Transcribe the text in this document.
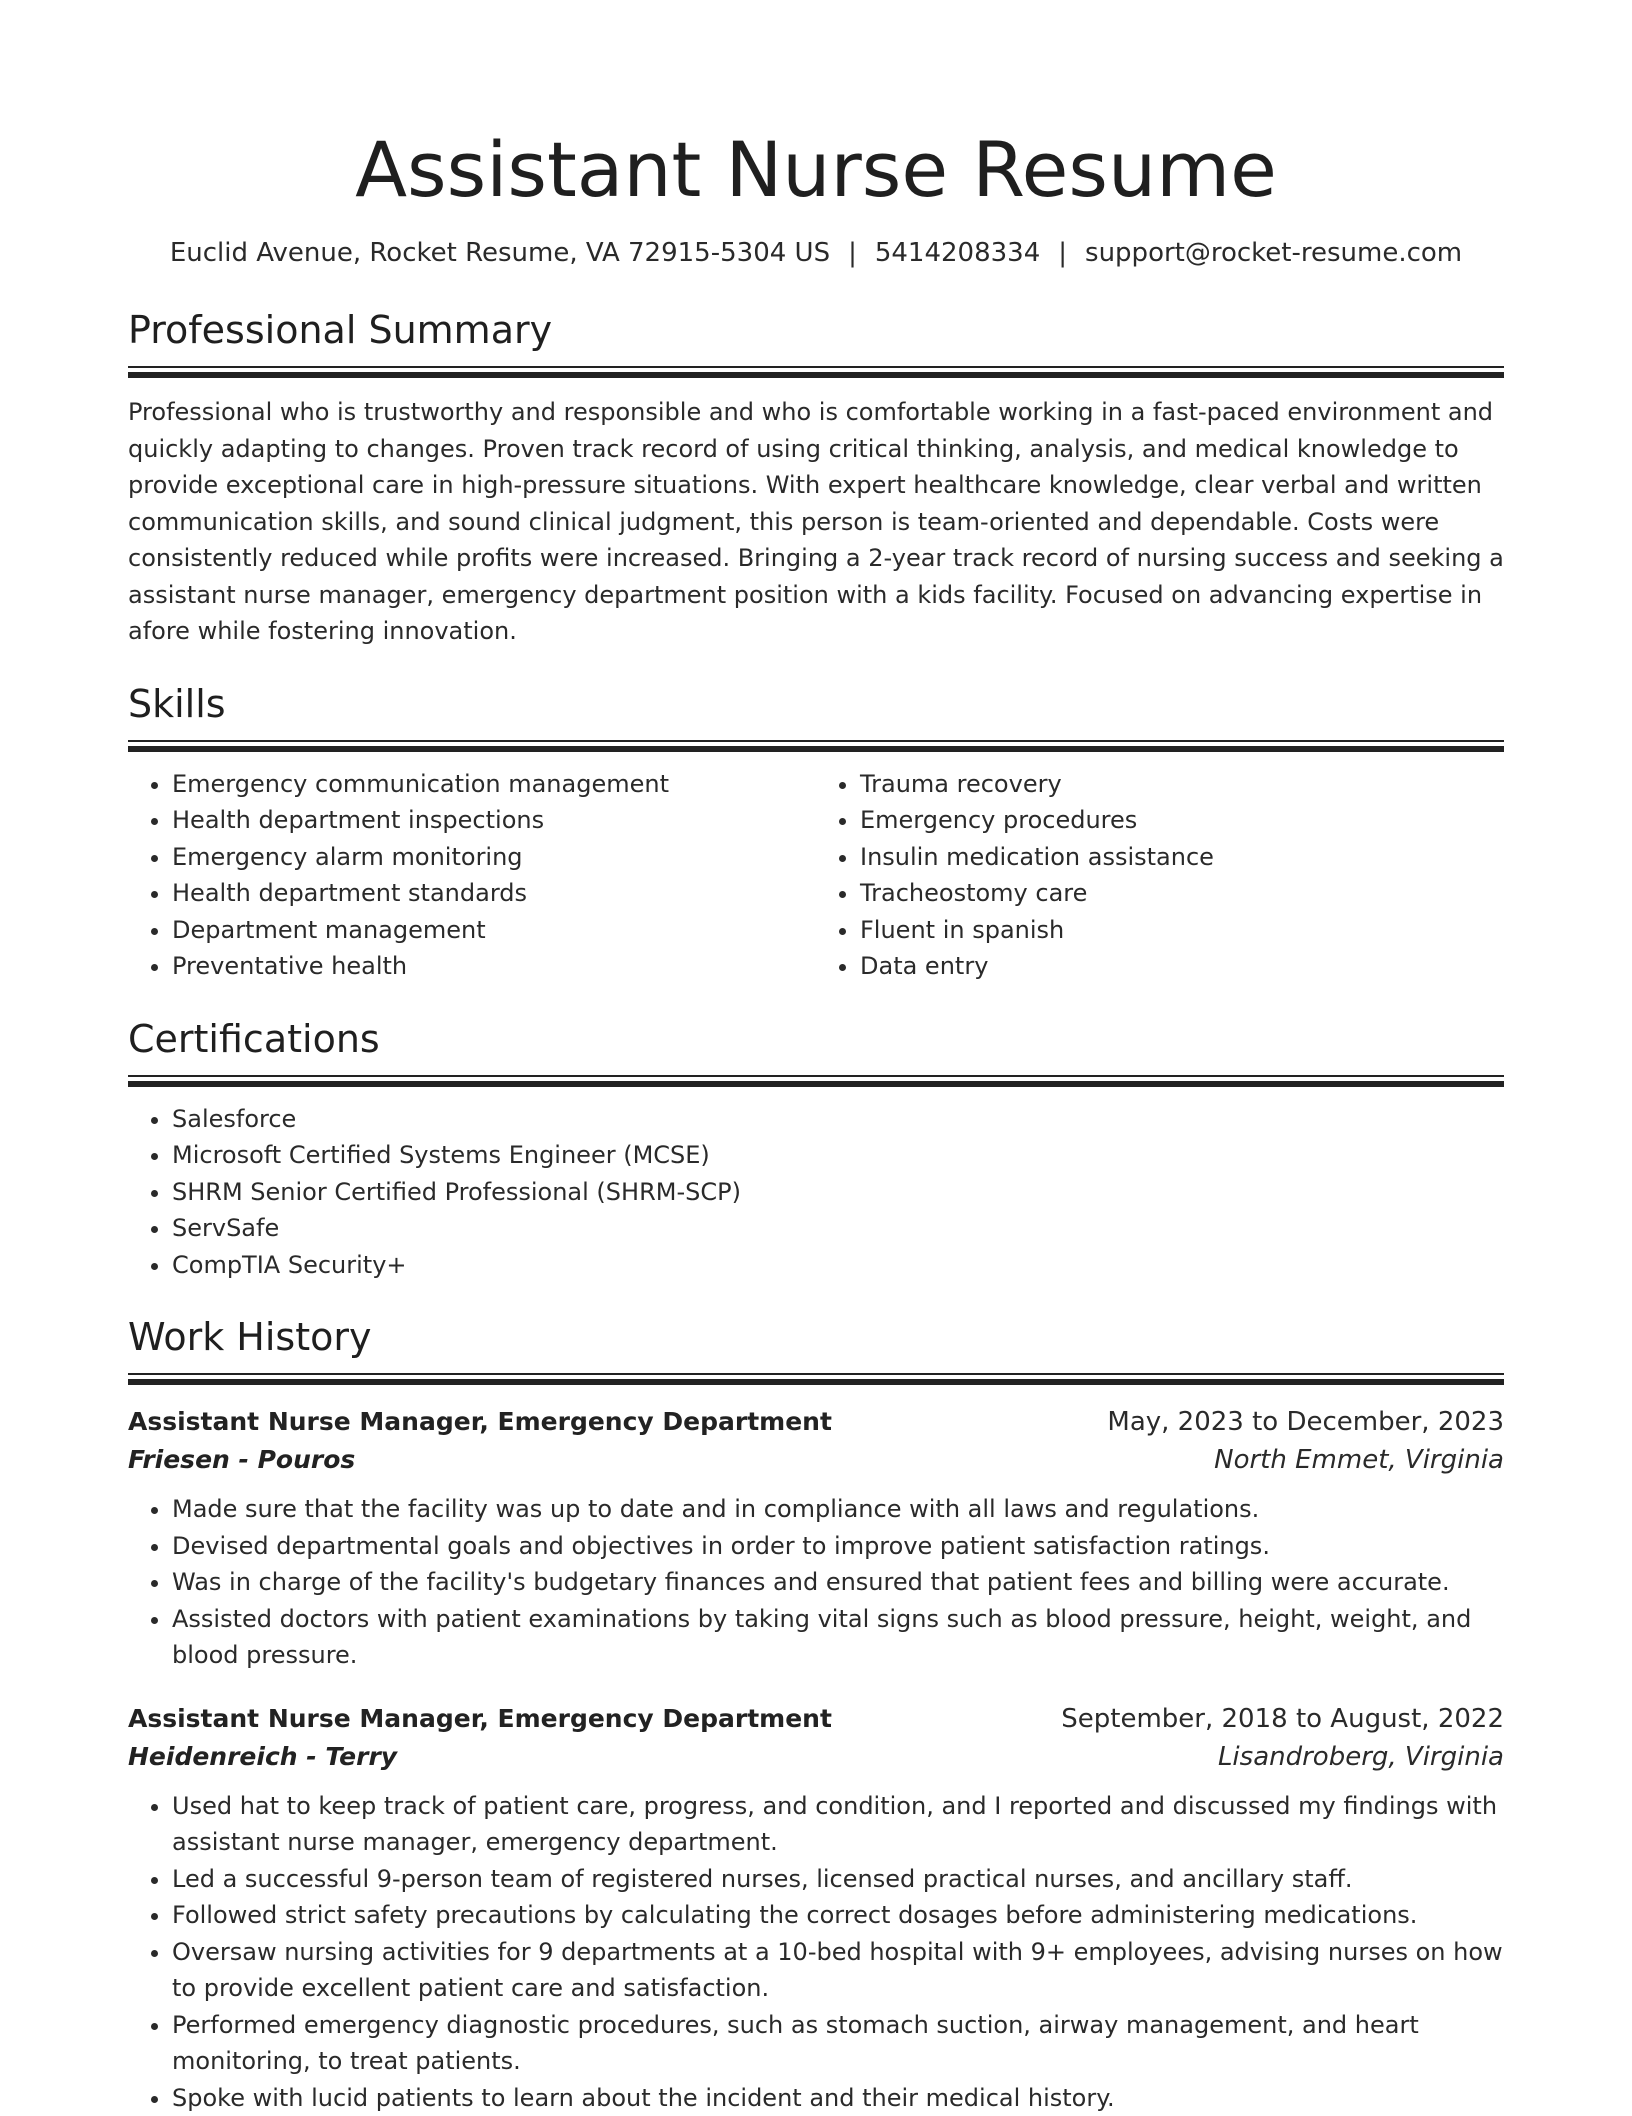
Assistant Nurse Resume
Euclid Avenue, Rocket Resume, VA 72915-5304 US | 5414208334 | support@rocket-resume.com
Professional Summary

Professional who is trustworthy and responsible and who is comfortable working in a fast-paced environment and quickly adapting to changes. Proven track record of using critical thinking, analysis, and medical knowledge to provide exceptional care in high-pressure situations. With expert healthcare knowledge, clear verbal and written communication skills, and sound clinical judgment, this person is team-oriented and dependable. Costs were consistently reduced while profits were increased. Bringing a 2-year track record of nursing success and seeking a assistant nurse manager, emergency department position with a kids facility. Focused on advancing expertise in afore while fostering innovation.

Skills
• Emergency communication management
• Health department inspections
• Emergency alarm monitoring
• Health department standards
• Department management
• Preventative health
• Trauma recovery
• Emergency procedures
• Insulin medication assistance
• Tracheostomy care
• Fluent in spanish
• Data entry
Certifications
• Salesforce
• Microsoft Certified Systems Engineer (MCSE)
• SHRM Senior Certified Professional (SHRM-SCP)
• ServSafe
• CompTIA Security+
Work History
Assistant Nurse Manager, Emergency Department	May, 2023 to December, 2023
Friesen - Pouros	North Emmet, Virginia
• Made sure that the facility was up to date and in compliance with all laws and regulations.
• Devised departmental goals and objectives in order to improve patient satisfaction ratings.
• Was in charge of the facility's budgetary finances and ensured that patient fees and billing were accurate.
• Assisted doctors with patient examinations by taking vital signs such as blood pressure, height, weight, and blood pressure.
Assistant Nurse Manager, Emergency Department	September, 2018 to August, 2022
Heidenreich - Terry	Lisandroberg, Virginia
• Used hat to keep track of patient care, progress, and condition, and I reported and discussed my findings with assistant nurse manager, emergency department.
• Led a successful 9-person team of registered nurses, licensed practical nurses, and ancillary staff.
• Followed strict safety precautions by calculating the correct dosages before administering medications.
• Oversaw nursing activities for 9 departments at a 10-bed hospital with 9+ employees, advising nurses on how to provide excellent patient care and satisfaction.
• Performed emergency diagnostic procedures, such as stomach suction, airway management, and heart monitoring, to treat patients.
• Spoke with lucid patients to learn about the incident and their medical history.
